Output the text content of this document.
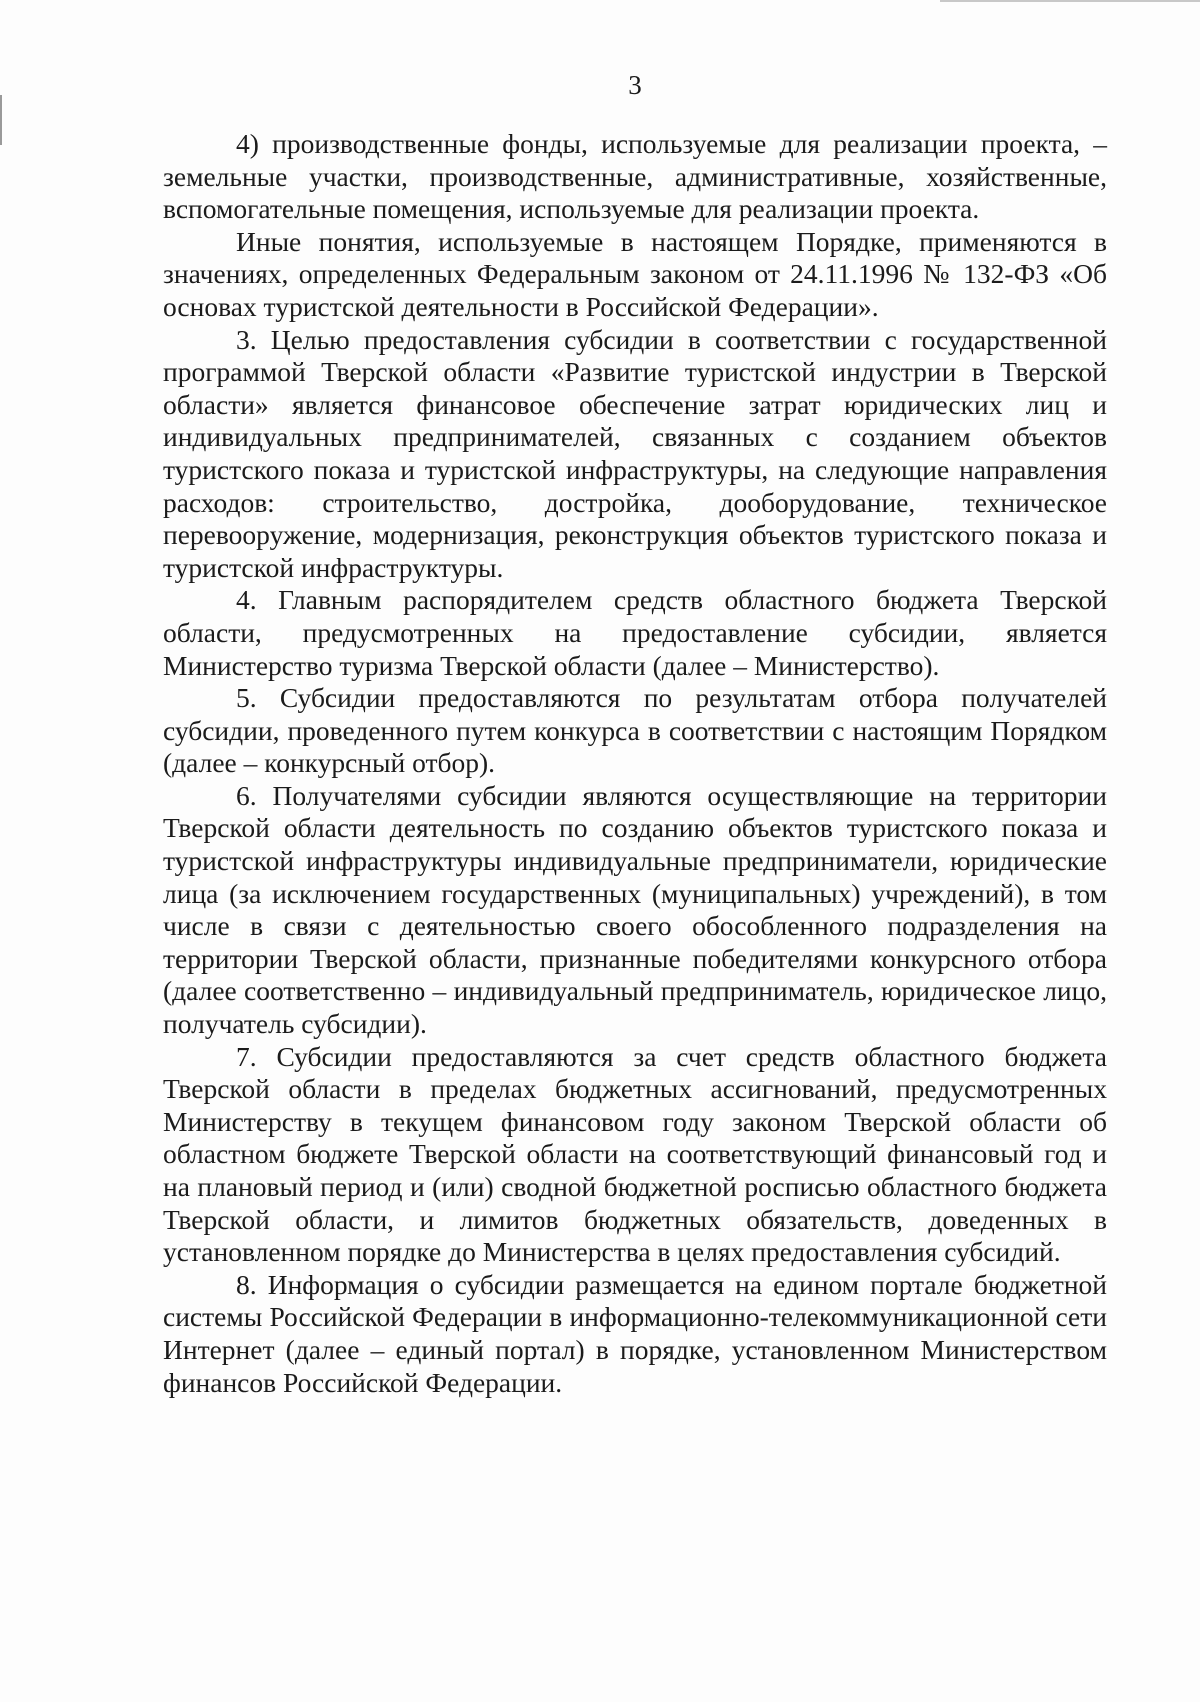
3

4) производственные фонды, используемые для реализации проекта, – земельные участки, производственные, административные, хозяйственные, вспомогательные помещения, используемые для реализации проекта.

Иные понятия, используемые в настоящем Порядке, применяются в значениях, определенных Федеральным законом от 24.11.1996 № 132-ФЗ «Об основах туристской деятельности в Российской Федерации».

3. Целью предоставления субсидии в соответствии с государственной программой Тверской области «Развитие туристской индустрии в Тверской области» является финансовое обеспечение затрат юридических лиц и индивидуальных предпринимателей, связанных с созданием объектов туристского показа и туристской инфраструктуры, на следующие направления расходов: строительство, достройка, дооборудование, техническое перевооружение, модернизация, реконструкция объектов туристского показа и туристской инфраструктуры.

4. Главным распорядителем средств областного бюджета Тверской области, предусмотренных на предоставление субсидии, является Министерство туризма Тверской области (далее – Министерство).

5. Субсидии предоставляются по результатам отбора получателей субсидии, проведенного путем конкурса в соответствии с настоящим Порядком (далее – конкурсный отбор).

6. Получателями субсидии являются осуществляющие на территории Тверской области деятельность по созданию объектов туристского показа и туристской инфраструктуры индивидуальные предприниматели, юридические лица (за исключением государственных (муниципальных) учреждений), в том числе в связи с деятельностью своего обособленного подразделения на территории Тверской области, признанные победителями конкурсного отбора (далее соответственно – индивидуальный предприниматель, юридическое лицо, получатель субсидии).

7. Субсидии предоставляются за счет средств областного бюджета Тверской области в пределах бюджетных ассигнований, предусмотренных Министерству в текущем финансовом году законом Тверской области об областном бюджете Тверской области на соответствующий финансовый год и на плановый период и (или) сводной бюджетной росписью областного бюджета Тверской области, и лимитов бюджетных обязательств, доведенных в установленном порядке до Министерства в целях предоставления субсидий.

8. Информация о субсидии размещается на едином портале бюджетной системы Российской Федерации в информационно-телекоммуникационной сети Интернет (далее – единый портал) в порядке, установленном Министерством финансов Российской Федерации.
